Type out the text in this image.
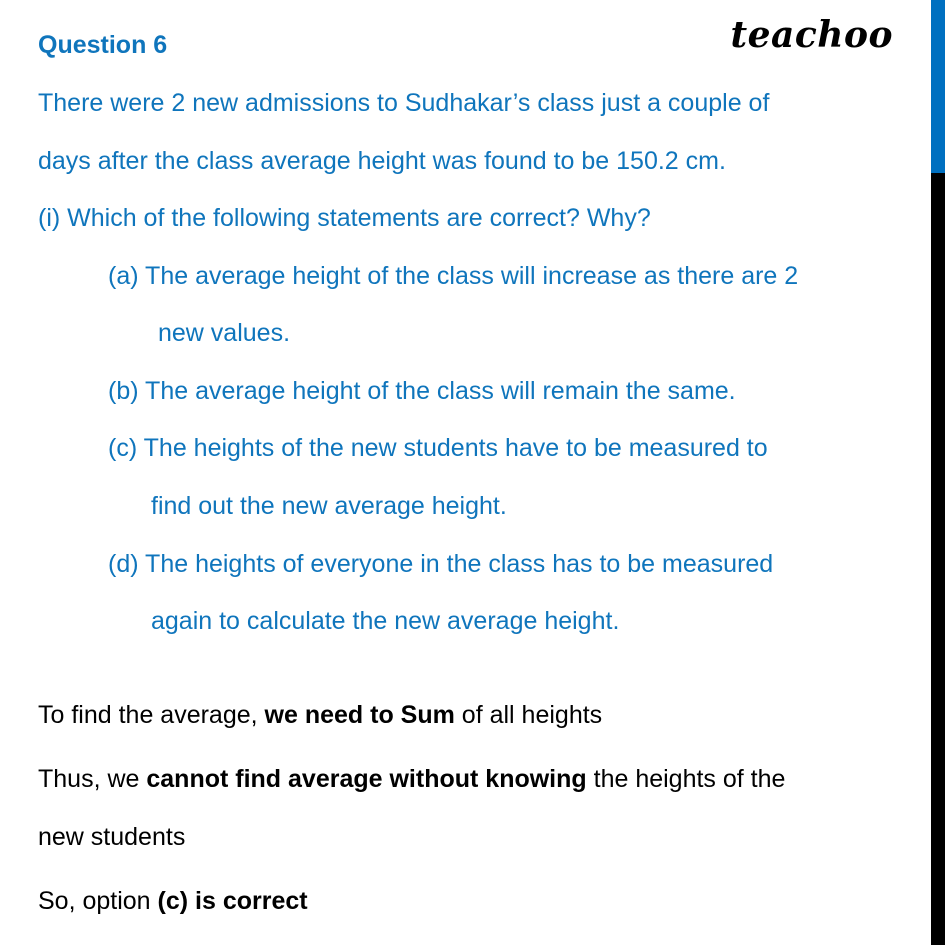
teachoo
Question 6
There were 2 new admissions to Sudhakar’s class just a couple of
days after the class average height was found to be 150.2 cm.
(i) Which of the following statements are correct? Why?
(a) The average height of the class will increase as there are 2
new values.
(b) The average height of the class will remain the same.
(c) The heights of the new students have to be measured to
find out the new average height.
(d) The heights of everyone in the class has to be measured
again to calculate the new average height.
To find the average, we need to Sum of all heights
Thus, we cannot find average without knowing the heights of the
new students
So, option (c) is correct
